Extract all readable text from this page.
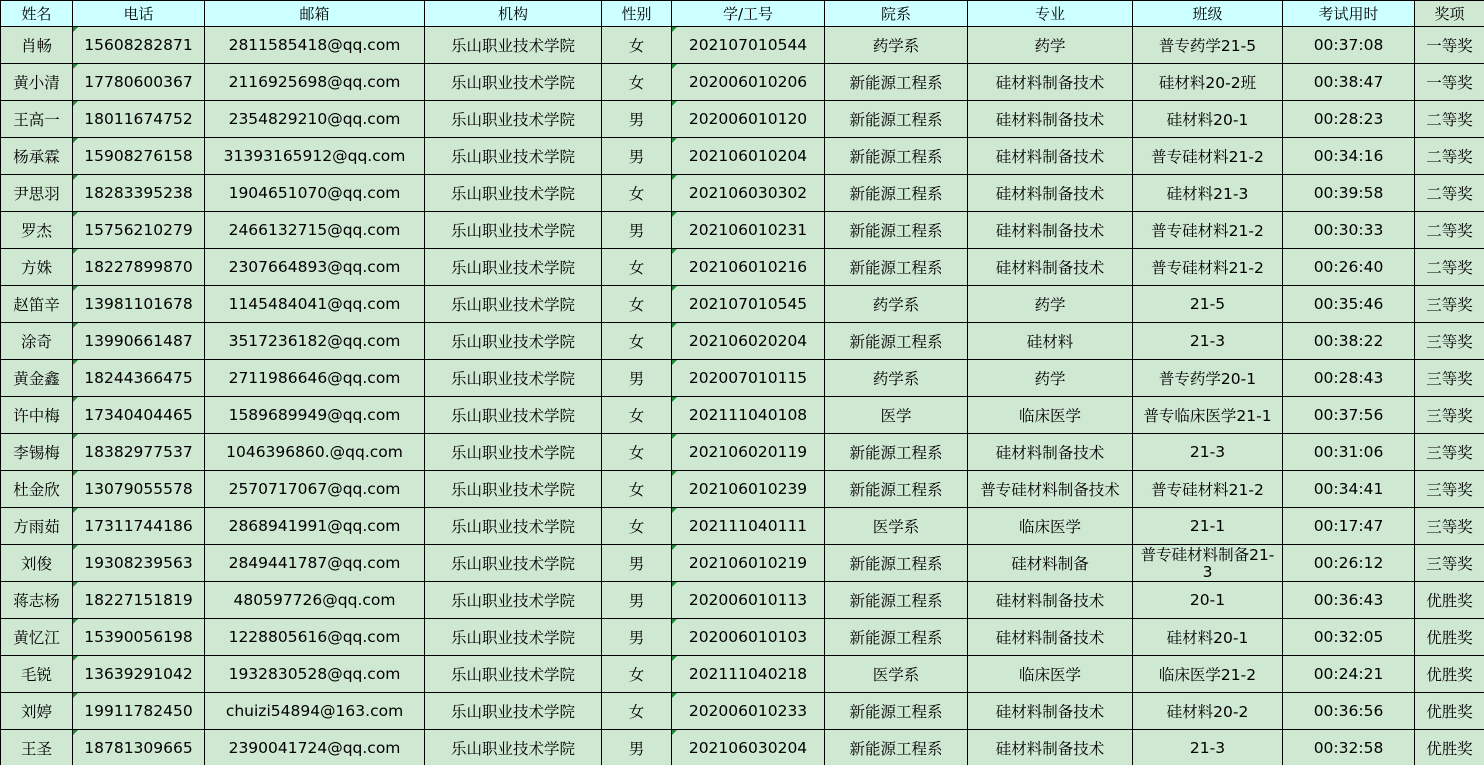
姓名	电话	邮箱	机构	性别	学/工号	院系	专业	班级	考试用时	奖项
肖畅	15608282871	2811585418@qq.com	乐山职业技术学院	女	202107010544	药学系	药学	普专药学21-5	00:37:08	一等奖
黄小清	17780600367	2116925698@qq.com	乐山职业技术学院	女	202006010206	新能源工程系	硅材料制备技术	硅材料20-2班	00:38:47	一等奖
王高一	18011674752	2354829210@qq.com	乐山职业技术学院	男	202006010120	新能源工程系	硅材料制备技术	硅材料20-1	00:28:23	二等奖
杨承霖	15908276158	31393165912@qq.com	乐山职业技术学院	男	202106010204	新能源工程系	硅材料制备技术	普专硅材料21-2	00:34:16	二等奖
尹思羽	18283395238	1904651070@qq.com	乐山职业技术学院	女	202106030302	新能源工程系	硅材料制备技术	硅材料21-3	00:39:58	二等奖
罗杰	15756210279	2466132715@qq.com	乐山职业技术学院	男	202106010231	新能源工程系	硅材料制备技术	普专硅材料21-2	00:30:33	二等奖
方姝	18227899870	2307664893@qq.com	乐山职业技术学院	女	202106010216	新能源工程系	硅材料制备技术	普专硅材料21-2	00:26:40	二等奖
赵笛辛	13981101678	1145484041@qq.com	乐山职业技术学院	女	202107010545	药学系	药学	21-5	00:35:46	三等奖
涂奇	13990661487	3517236182@qq.com	乐山职业技术学院	女	202106020204	新能源工程系	硅材料	21-3	00:38:22	三等奖
黄金鑫	18244366475	2711986646@qq.com	乐山职业技术学院	男	202007010115	药学系	药学	普专药学20-1	00:28:43	三等奖
许中梅	17340404465	1589689949@qq.com	乐山职业技术学院	女	202111040108	医学	临床医学	普专临床医学21-1	00:37:56	三等奖
李锡梅	18382977537	1046396860.@qq.com	乐山职业技术学院	女	202106020119	新能源工程系	硅材料制备技术	21-3	00:31:06	三等奖
杜金欣	13079055578	2570717067@qq.com	乐山职业技术学院	女	202106010239	新能源工程系	普专硅材料制备技术	普专硅材料21-2	00:34:41	三等奖
方雨茹	17311744186	2868941991@qq.com	乐山职业技术学院	女	202111040111	医学系	临床医学	21-1	00:17:47	三等奖
刘俊	19308239563	2849441787@qq.com	乐山职业技术学院	男	202106010219	新能源工程系	硅材料制备	普专硅材料制备21-3	00:26:12	三等奖
蒋志杨	18227151819	480597726@qq.com	乐山职业技术学院	男	202006010113	新能源工程系	硅材料制备技术	20-1	00:36:43	优胜奖
黄忆江	15390056198	1228805616@qq.com	乐山职业技术学院	男	202006010103	新能源工程系	硅材料制备技术	硅材料20-1	00:32:05	优胜奖
毛锐	13639291042	1932830528@qq.com	乐山职业技术学院	女	202111040218	医学系	临床医学	临床医学21-2	00:24:21	优胜奖
刘婷	19911782450	chuizi54894@163.com	乐山职业技术学院	女	202006010233	新能源工程系	硅材料制备技术	硅材料20-2	00:36:56	优胜奖
王圣	18781309665	2390041724@qq.com	乐山职业技术学院	男	202106030204	新能源工程系	硅材料制备技术	21-3	00:32:58	优胜奖
